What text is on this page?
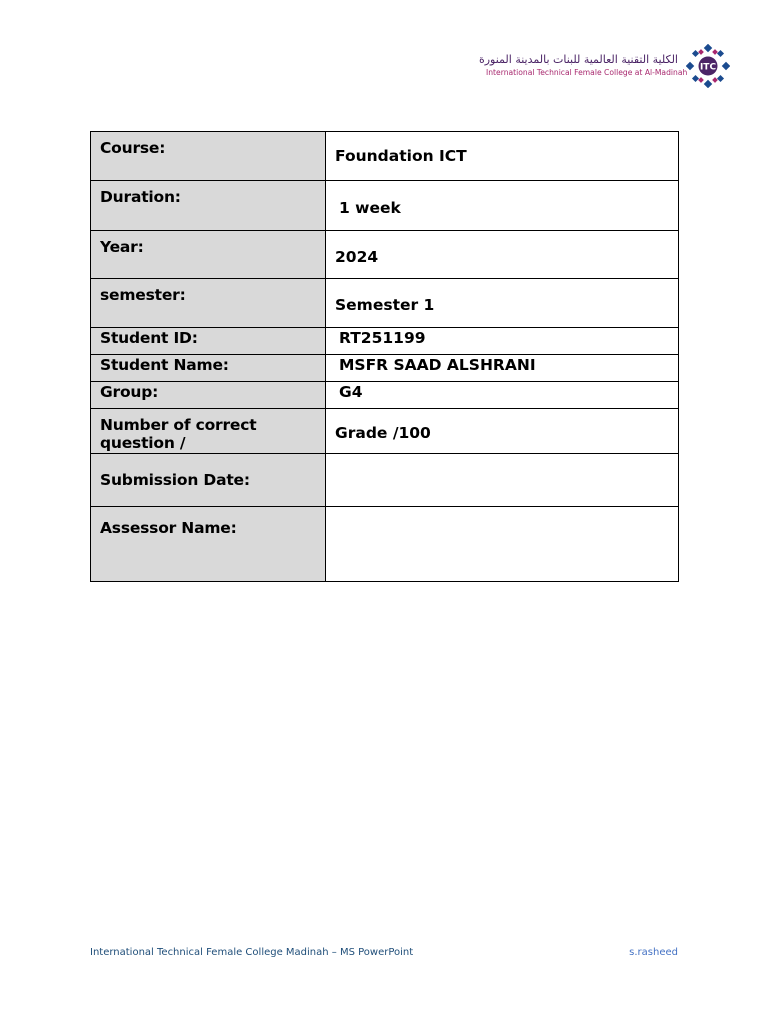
الكلية التقنية العالمية للبنات بالمدينة المنورة
International Technical Female College at Al-Madinah ITC
Course:	Foundation ICT

Duration:	1 week

Year:	2024

semester:	Semester 1

Student ID:	RT251199

Student Name:	MSFR SAAD ALSHRANI

Group:	G4

Number of correct question /	Grade /100

Submission Date:	

Assessor Name:	

International Technical Female College Madinah – MS PowerPoint	s.rasheed
